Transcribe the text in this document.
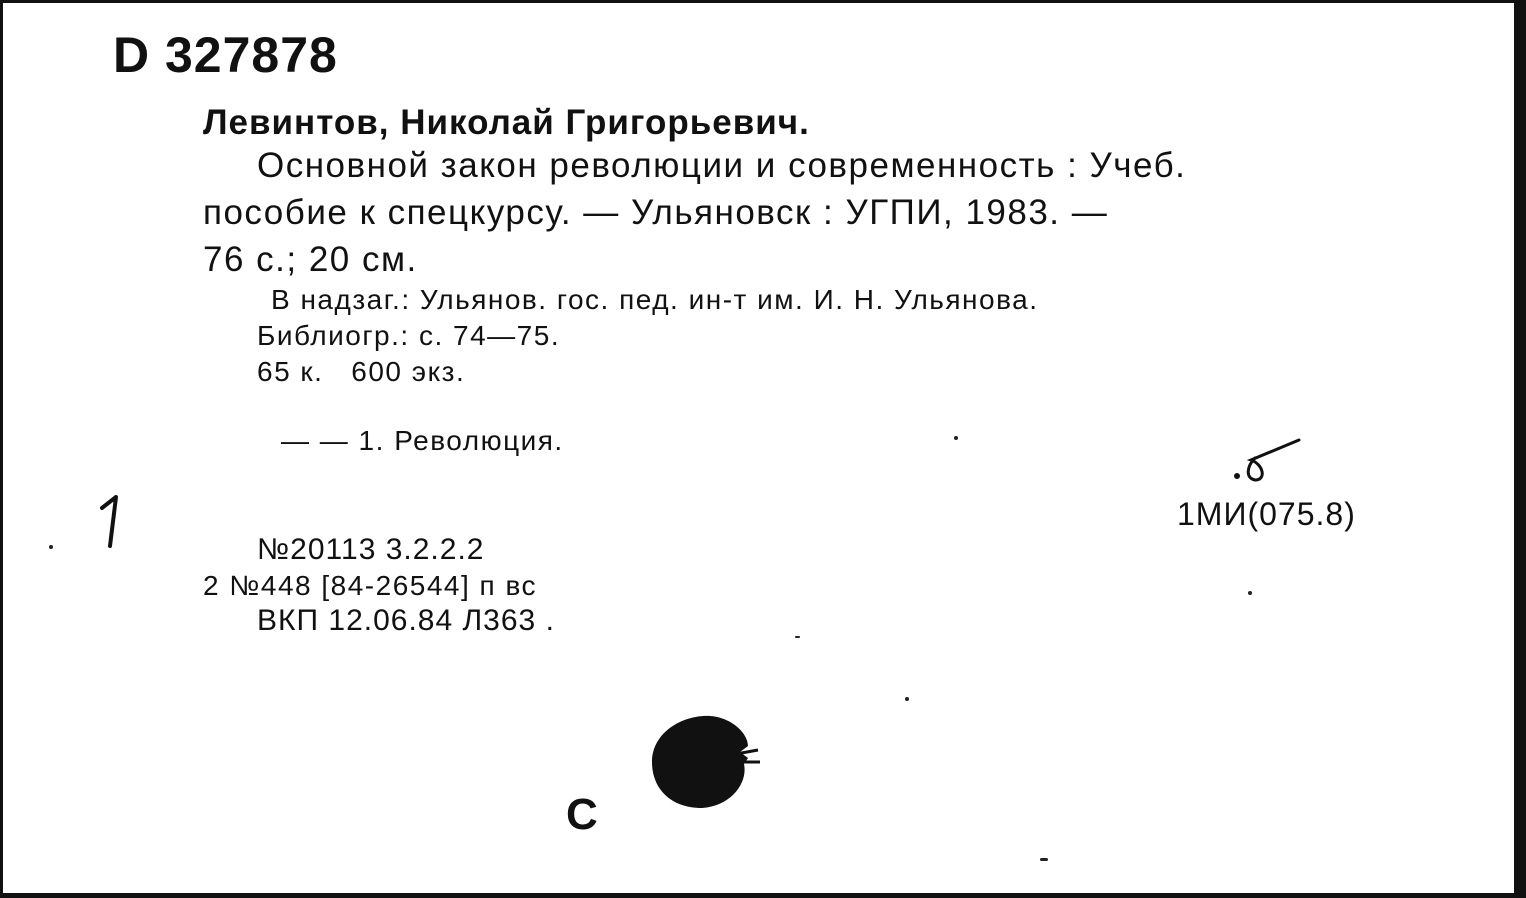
D 327878
Левинтов, Николай Григорьевич.
Основной закон революции и современность : Учеб.
пособие к спецкурсу. — Ульяновск : УГПИ, 1983. —
76 с.; 20 см.
В надзаг.: Ульянов. гос. пед. ин-т им. И. Н. Ульянова.
Библиогр.: с. 74—75.
65 к.   600 экз.
— — 1. Революция.
1МИ(075.8)
№20113 3.2.2.2
2 №448 [84-26544] п вс
ВКП 12.06.84 Л363 .
С
